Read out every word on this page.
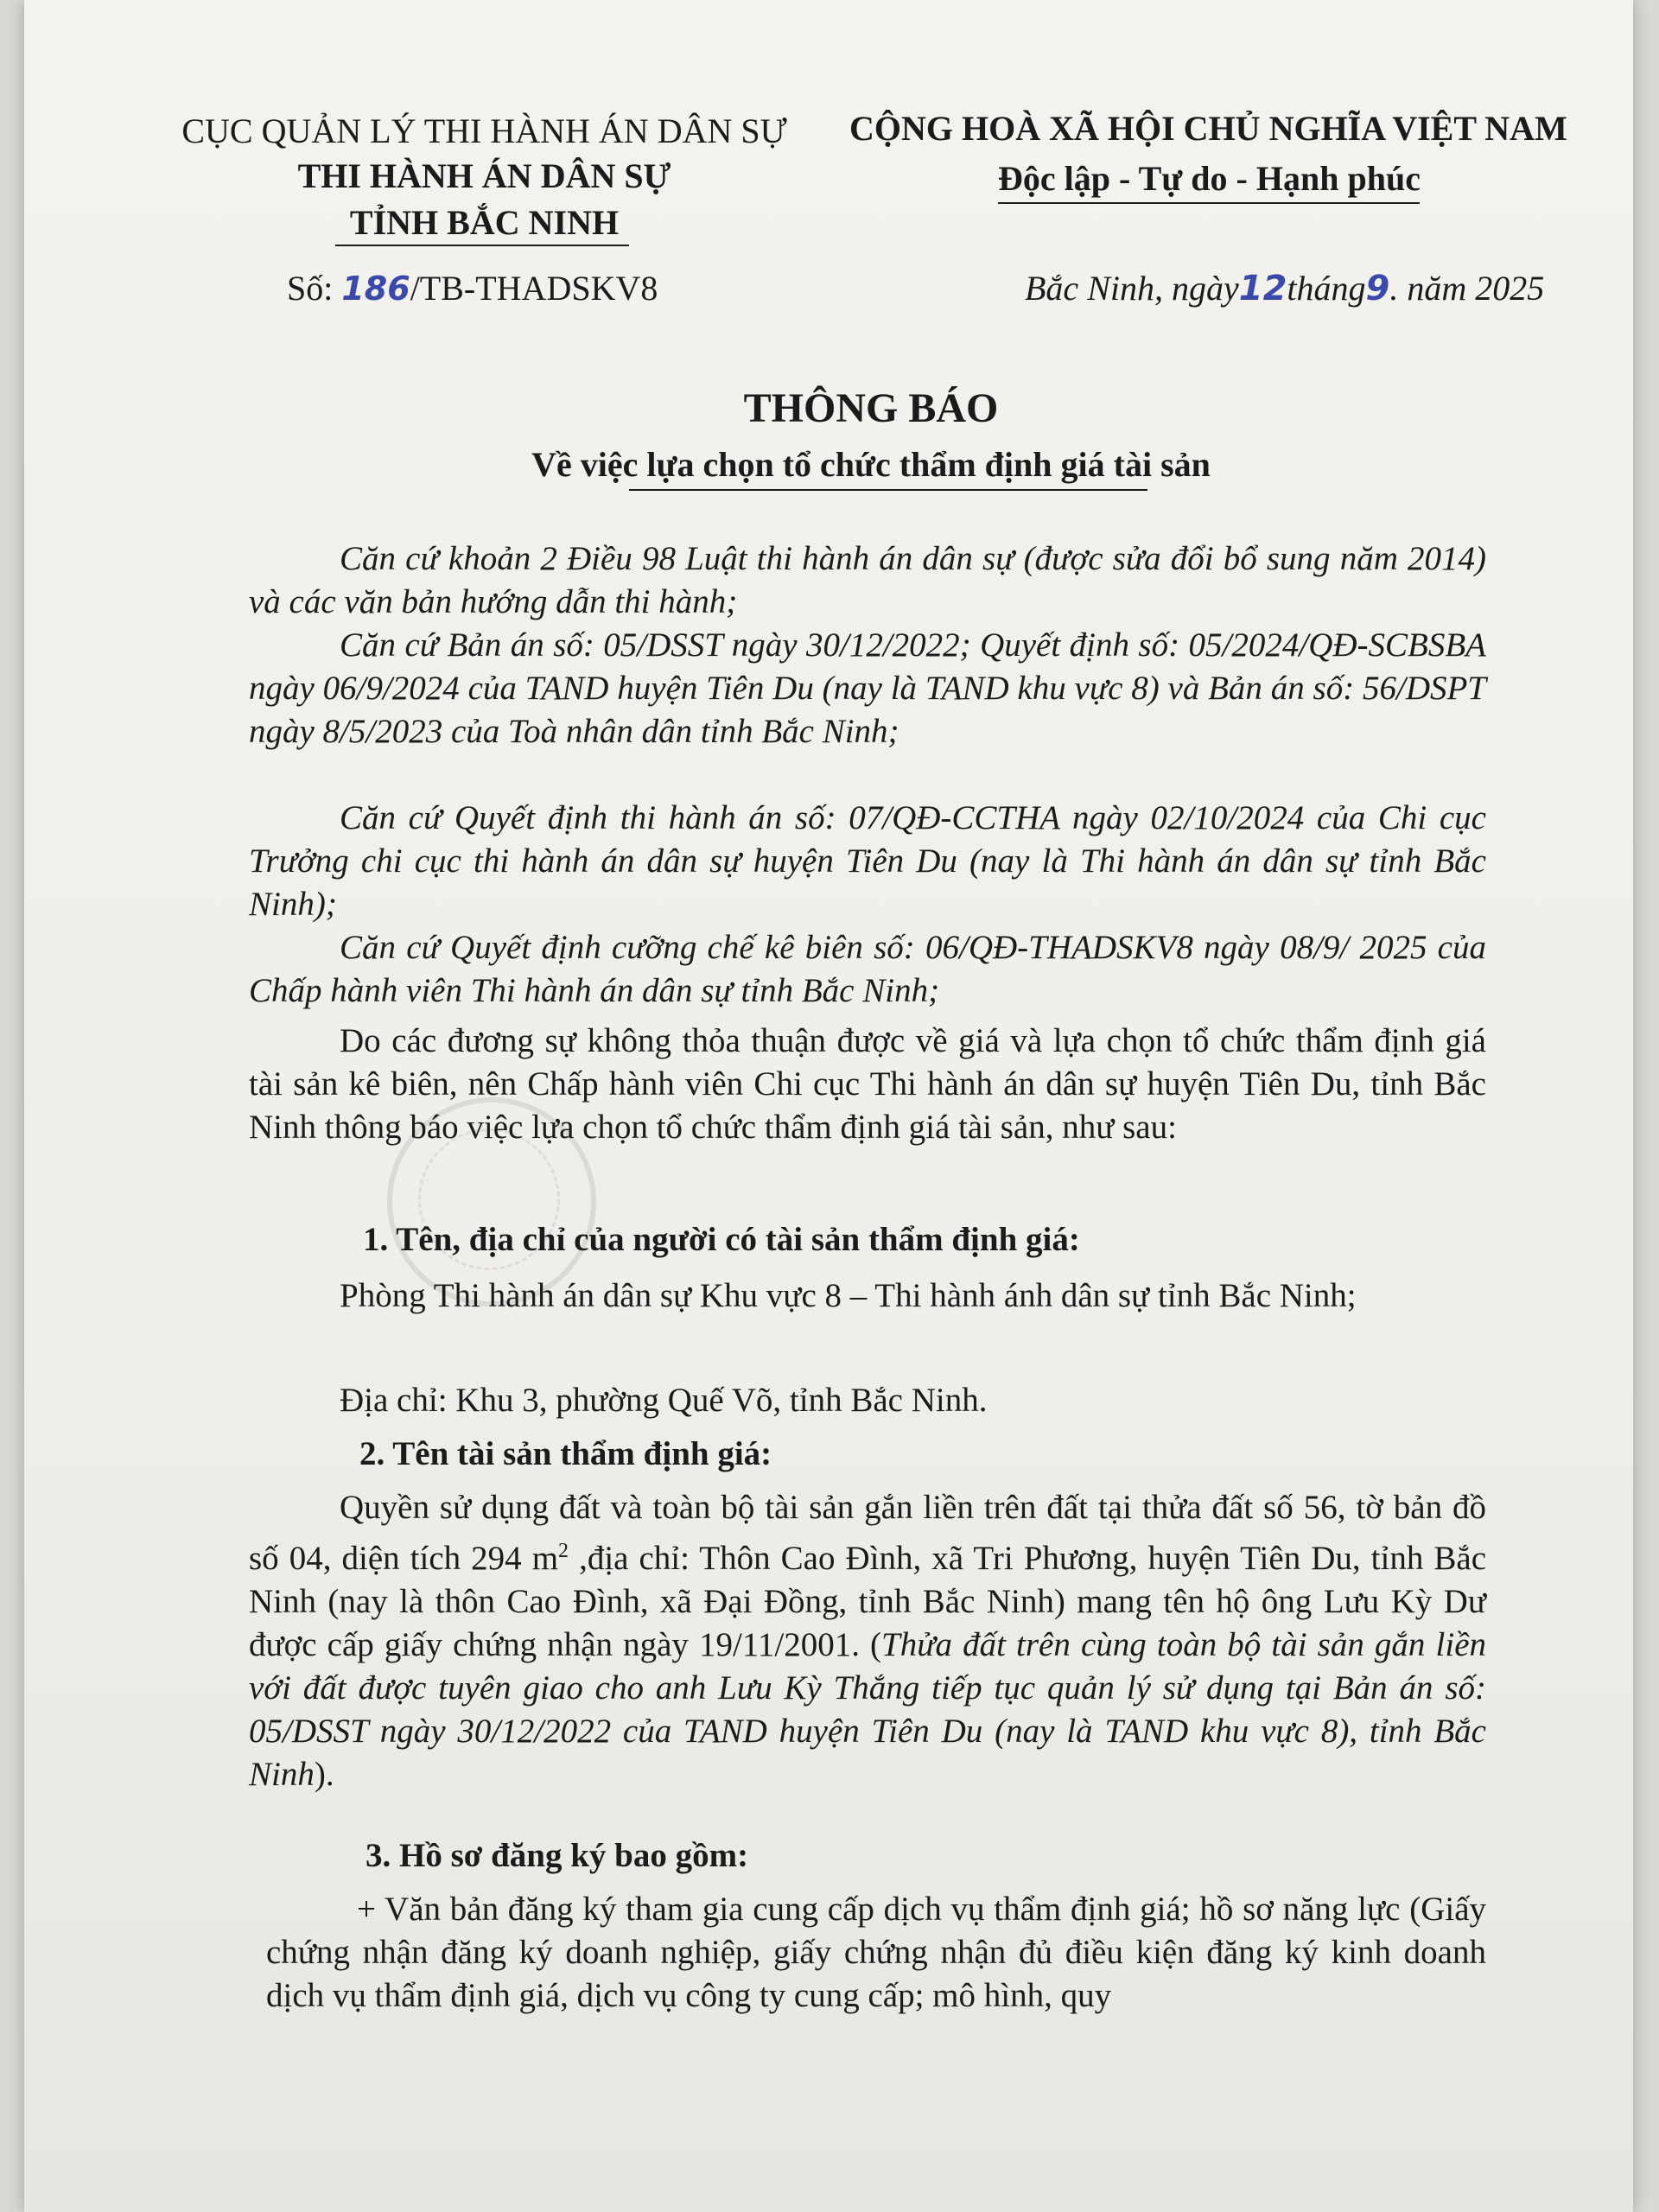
CỤC QUẢN LÝ THI HÀNH ÁN DÂN SỰ
THI HÀNH ÁN DÂN SỰ
TỈNH BẮC NINH
Số: 186/TB-THADSKV8
CỘNG HOÀ XÃ HỘI CHỦ NGHĨA VIỆT NAM
Độc lập - Tự do - Hạnh phúc
Bắc Ninh, ngày12tháng9. năm 2025
THÔNG BÁO
Về việc lựa chọn tổ chức thẩm định giá tài sản
Căn cứ khoản 2 Điều 98 Luật thi hành án dân sự (được sửa đổi bổ sung năm 2014) và các văn bản hướng dẫn thi hành;
Căn cứ Bản án số: 05/DSST ngày 30/12/2022; Quyết định số: 05/2024/QĐ-SCBSBA ngày 06/9/2024 của TAND huyện Tiên Du (nay là TAND khu vực 8) và Bản án số: 56/DSPT ngày 8/5/2023 của Toà nhân dân tỉnh Bắc Ninh;
Căn cứ Quyết định thi hành án số: 07/QĐ-CCTHA ngày 02/10/2024 của Chi cục Trưởng chi cục thi hành án dân sự huyện Tiên Du (nay là Thi hành án dân sự tỉnh Bắc Ninh);
Căn cứ Quyết định cưỡng chế kê biên số: 06/QĐ-THADSKV8 ngày 08/9/ 2025 của Chấp hành viên Thi hành án dân sự tỉnh Bắc Ninh;
Do các đương sự không thỏa thuận được về giá và lựa chọn tổ chức thẩm định giá tài sản kê biên, nên Chấp hành viên Chi cục Thi hành án dân sự huyện Tiên Du, tỉnh Bắc Ninh thông báo việc lựa chọn tổ chức thẩm định giá tài sản, như sau:
1. Tên, địa chỉ của người có tài sản thẩm định giá:
Phòng Thi hành án dân sự Khu vực 8 – Thi hành ánh dân sự tỉnh Bắc Ninh;
Địa chỉ: Khu 3, phường Quế Võ, tỉnh Bắc Ninh.
2. Tên tài sản thẩm định giá:
Quyền sử dụng đất và toàn bộ tài sản gắn liền trên đất tại thửa đất số 56, tờ bản đồ số 04, diện tích 294 $m^2$ ,địa chỉ: Thôn Cao Đình, xã Tri Phương, huyện Tiên Du, tỉnh Bắc Ninh (nay là thôn Cao Đình, xã Đại Đồng, tỉnh Bắc Ninh) mang tên hộ ông Lưu Kỳ Dư được cấp giấy chứng nhận ngày 19/11/2001. (Thửa đất trên cùng toàn bộ tài sản gắn liền với đất được tuyên giao cho anh Lưu Kỳ Thắng tiếp tục quản lý sử dụng tại Bản án số: 05/DSST ngày 30/12/2022 của TAND huyện Tiên Du (nay là TAND khu vực 8), tỉnh Bắc Ninh).
3. Hồ sơ đăng ký bao gồm:
+ Văn bản đăng ký tham gia cung cấp dịch vụ thẩm định giá; hồ sơ năng lực (Giấy chứng nhận đăng ký doanh nghiệp, giấy chứng nhận đủ điều kiện đăng ký kinh doanh dịch vụ thẩm định giá, dịch vụ công ty cung cấp; mô hình, quy
